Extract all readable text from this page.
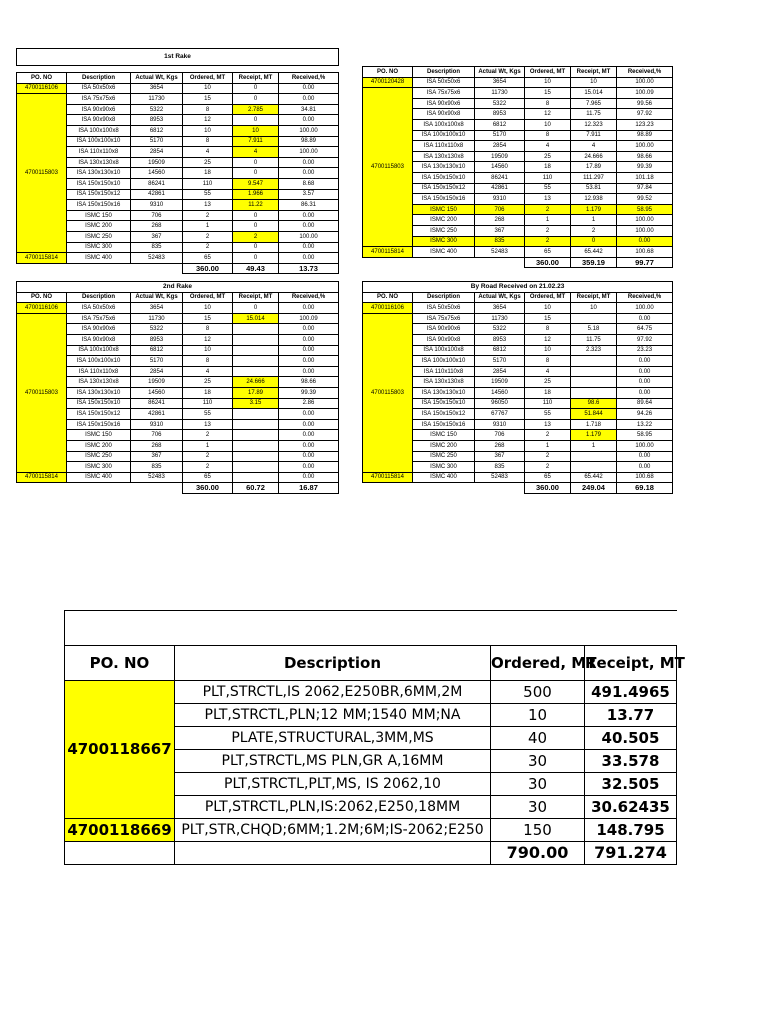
1st Rake					

PO. NO	Description	Actual Wt, Kgs	Ordered, MT	Receipt, MT	Received,%
4700116106	ISA 50x50x6	3654	10	0	0.00
4700115803	ISA 75x75x6	11730	15	0	0.00
	ISA 90x90x6	5322	8	2.785	34.81
	ISA 90x90x8	8953	12	0	0.00
	ISA 100x100x8	6812	10	10	100.00
	ISA 100x100x10	5170	8	7.911	98.89
	ISA 110x110x8	2854	4	4	100.00
	ISA 130x130x8	19509	25	0	0.00
	ISA 130x130x10	14560	18	0	0.00
	ISA 150x150x10	86241	110	9.547	8.68
	ISA 150x150x12	42861	55	1.966	3.57
	ISA 150x150x16	9310	13	11.22	86.31
	ISMC 150	706	2	0	0.00
	ISMC 200	268	1	0	0.00
	ISMC 250	367	2	2	100.00
	ISMC 300	835	2	0	0.00
4700115814	ISMC 400	52483	65	0	0.00
			360.00	49.43	13.73
PO. NO	Description	Actual Wt, Kgs	Ordered, MT	Receipt, MT	Received,%
4700120428	ISA 50x50x6	3654	10	10	100.00
4700115803	ISA 75x75x6	11730	15	15.014	100.09
	ISA 90x90x6	5322	8	7.965	99.56
	ISA 90x90x8	8953	12	11.75	97.92
	ISA 100x100x8	6812	10	12.323	123.23
	ISA 100x100x10	5170	8	7.911	98.89
	ISA 110x110x8	2854	4	4	100.00
	ISA 130x130x8	19509	25	24.666	98.66
	ISA 130x130x10	14560	18	17.89	99.39
	ISA 150x150x10	86241	110	111.297	101.18
	ISA 150x150x12	42861	55	53.81	97.84
	ISA 150x150x16	9310	13	12.938	99.52
	ISMC 150	706	2	1.179	58.95
	ISMC 200	268	1	1	100.00
	ISMC 250	367	2	2	100.00
	ISMC 300	835	2	0	0.00
4700115814	ISMC 400	52483	65	65.442	100.68
			360.00	359.19	99.77
2nd Rake					
PO. NO	Description	Actual Wt, Kgs	Ordered, MT	Receipt, MT	Received,%
4700116106	ISA 50x50x6	3654	10	0	0.00
4700115803	ISA 75x75x6	11730	15	15.014	100.09
	ISA 90x90x6	5322	8		0.00
	ISA 90x90x8	8953	12		0.00
	ISA 100x100x8	6812	10		0.00
	ISA 100x100x10	5170	8		0.00
	ISA 110x110x8	2854	4		0.00
	ISA 130x130x8	19509	25	24.666	98.66
	ISA 130x130x10	14560	18	17.89	99.39
	ISA 150x150x10	86241	110	3.15	2.86
	ISA 150x150x12	42861	55		0.00
	ISA 150x150x16	9310	13		0.00
	ISMC 150	706	2		0.00
	ISMC 200	268	1		0.00
	ISMC 250	367	2		0.00
	ISMC 300	835	2		0.00
4700115814	ISMC 400	52483	65		0.00
			360.00	60.72	16.87
By Road Received on 21.02.23					
PO. NO	Description	Actual Wt, Kgs	Ordered, MT	Receipt, MT	Received,%
4700116106	ISA 50x50x6	3654	10	10	100.00
4700115803	ISA 75x75x6	11730	15		0.00
	ISA 90x90x6	5322	8	5.18	64.75
	ISA 90x90x8	8953	12	11.75	97.92
	ISA 100x100x8	6812	10	2.323	23.23
	ISA 100x100x10	5170	8		0.00
	ISA 110x110x8	2854	4		0.00
	ISA 130x130x8	19509	25		0.00
	ISA 130x130x10	14560	18		0.00
	ISA 150x150x10	96050	110	98.6	89.64
	ISA 150x150x12	67767	55	51.844	94.26
	ISA 150x150x16	9310	13	1.718	13.22
	ISMC 150	706	2	1.179	58.95
	ISMC 200	268	1	1	100.00
	ISMC 250	367	2		0.00
	ISMC 300	835	2		0.00
4700115814	ISMC 400	52483	65	65.442	100.68
			360.00	249.04	69.18

PO. NO	Description	Ordered, MT	Receipt, MT
4700118667	PLT,STRCTL,IS 2062,E250BR,6MM,2M	500	491.4965
	PLT,STRCTL,PLN;12 MM;1540 MM;NA	10	13.77
	PLATE,STRUCTURAL,3MM,MS	40	40.505
	PLT,STRCTL,MS PLN,GR A,16MM	30	33.578
	PLT,STRCTL,PLT,MS, IS 2062,10	30	32.505
	PLT,STRCTL,PLN,IS:2062,E250,18MM	30	30.62435
4700118669	PLT,STR,CHQD;6MM;1.2M;6M;IS-2062;E250	150	148.795
		790.00	791.274
